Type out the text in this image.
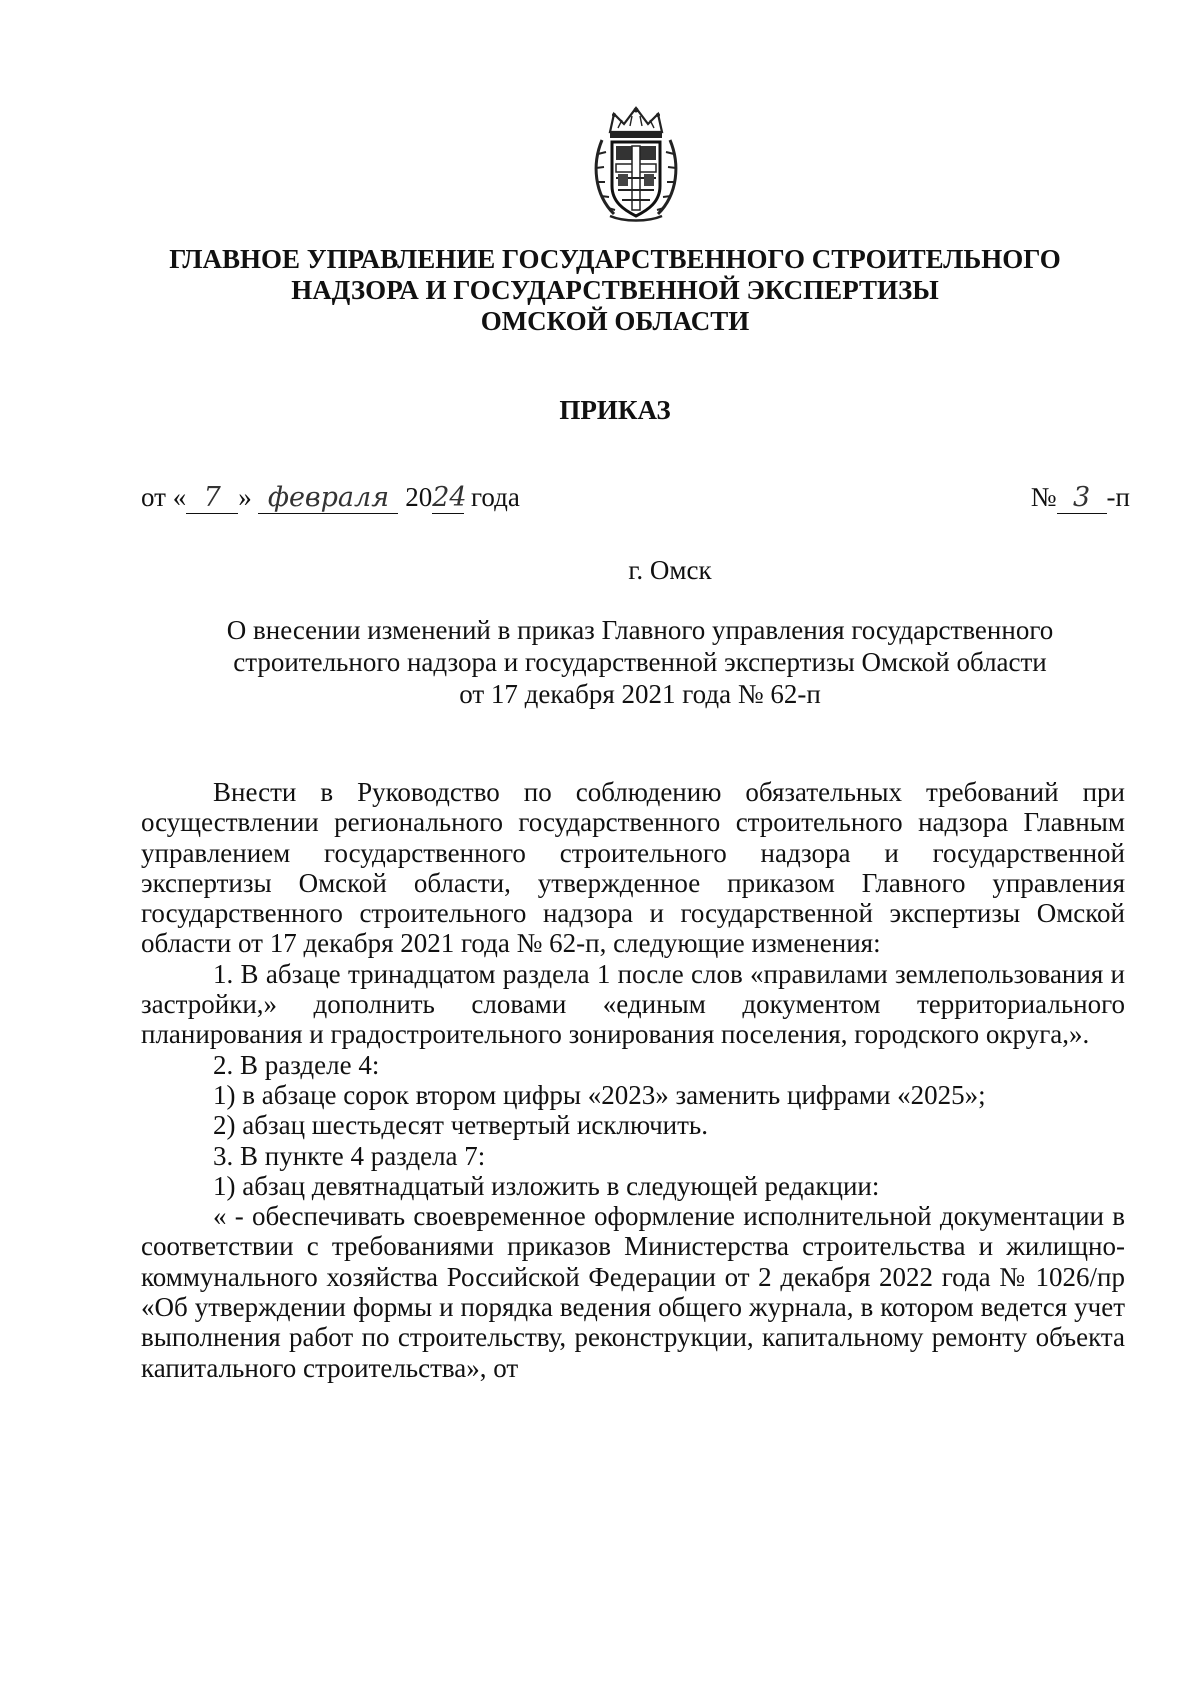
ГЛАВНОЕ УПРАВЛЕНИЕ ГОСУДАРСТВЕННОГО СТРОИТЕЛЬНОГО
НАДЗОРА И ГОСУДАРСТВЕННОЙ ЭКСПЕРТИЗЫ
ОМСКОЙ ОБЛАСТИ
ПРИКАЗ
от « 7 » февраля 2024 года	№ 3 -п
г. Омск
О внесении изменений в приказ Главного управления государственного
строительного надзора и государственной экспертизы Омской области
от 17 декабря 2021 года № 62-п

Внести в Руководство по соблюдению обязательных требований при осуществлении регионального государственного строительного надзора Главным управлением государственного строительного надзора и государственной экспертизы Омской области, утвержденное приказом Главного управления государственного строительного надзора и государственной экспертизы Омской области от 17 декабря 2021 года № 62-п, следующие изменения:

1. В абзаце тринадцатом раздела 1 после слов «правилами землепользования и застройки,» дополнить словами «единым документом территориального планирования и градостроительного зонирования поселения, городского округа,».

2. В разделе 4:

1) в абзаце сорок втором цифры «2023» заменить цифрами «2025»;

2) абзац шестьдесят четвертый исключить.

3. В пункте 4 раздела 7:

1) абзац девятнадцатый изложить в следующей редакции:

« - обеспечивать своевременное оформление исполнительной документации в соответствии с требованиями приказов Министерства строительства и жилищно-коммунального хозяйства Российской Федерации от 2 декабря 2022 года № 1026/пр «Об утверждении формы и порядка ведения общего журнала, в котором ведется учет выполнения работ по строительству, реконструкции, капитальному ремонту объекта капитального строительства», от
